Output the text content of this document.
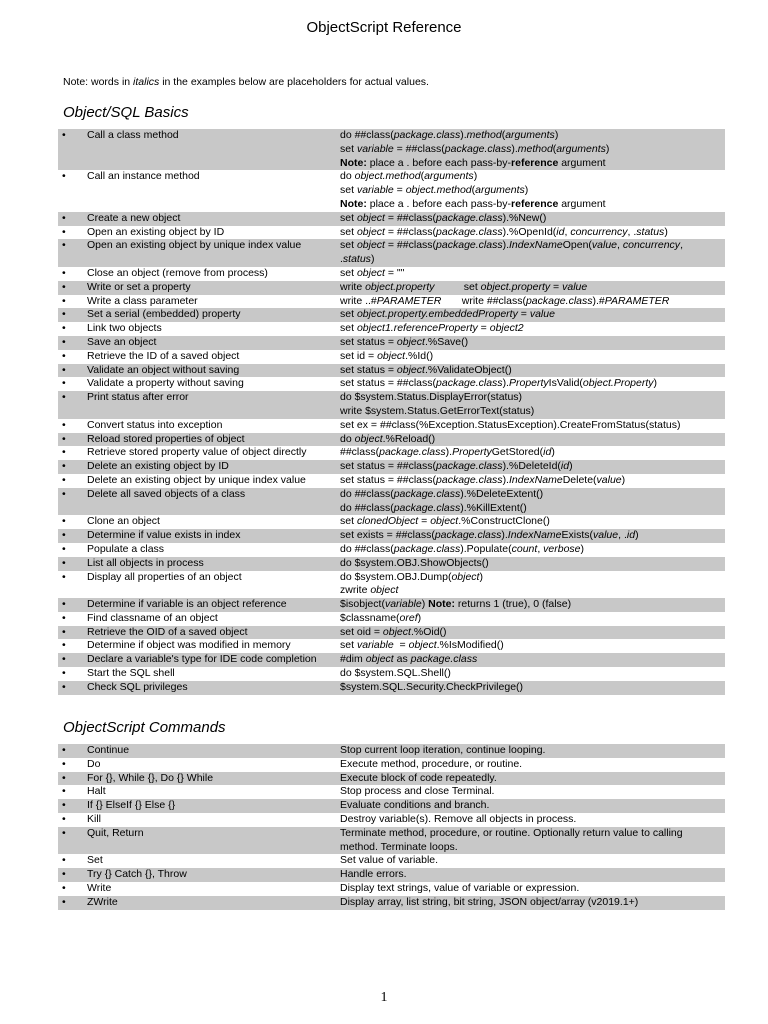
ObjectScript Reference
Note: words in italics in the examples below are placeholders for actual values.
Object/SQL Basics
•	Call a class method	do ##class(package.class).method(arguments)
set variable = ##class(package.class).method(arguments)
Note: place a . before each pass-by-reference argument
•	Call an instance method	do object.method(arguments)
set variable = object.method(arguments)
Note: place a . before each pass-by-reference argument
•	Create a new object	set object = ##class(package.class).%New()
•	Open an existing object by ID	set object = ##class(package.class).%OpenId(id, concurrency, .status)
•	Open an existing object by unique index value	set object = ##class(package.class).IndexNameOpen(value, concurrency,
.status)
•	Close an object (remove from process)	set object = ""
•	Write or set a property	write object.property          set object.property = value
•	Write a class parameter	write ..#PARAMETER       write ##class(package.class).#PARAMETER
•	Set a serial (embedded) property	set object.property.embeddedProperty = value
•	Link two objects	set object1.referenceProperty = object2
•	Save an object	set status = object.%Save()
•	Retrieve the ID of a saved object	set id = object.%Id()
•	Validate an object without saving	set status = object.%ValidateObject()
•	Validate a property without saving	set status = ##class(package.class).PropertyIsValid(object.Property)
•	Print status after error	do $system.Status.DisplayError(status)
write $system.Status.GetErrorText(status)
•	Convert status into exception	set ex = ##class(%Exception.StatusException).CreateFromStatus(status)
•	Reload stored properties of object	do object.%Reload()
•	Retrieve stored property value of object directly	##class(package.class).PropertyGetStored(id)
•	Delete an existing object by ID	set status = ##class(package.class).%DeleteId(id)
•	Delete an existing object by unique index value	set status = ##class(package.class).IndexNameDelete(value)
•	Delete all saved objects of a class	do ##class(package.class).%DeleteExtent()
do ##class(package.class).%KillExtent()
•	Clone an object	set clonedObject = object.%ConstructClone()
•	Determine if value exists in index	set exists = ##class(package.class).IndexNameExists(value, .id)
•	Populate a class	do ##class(package.class).Populate(count, verbose)
•	List all objects in process	do $system.OBJ.ShowObjects()
•	Display all properties of an object	do $system.OBJ.Dump(object)
zwrite object
•	Determine if variable is an object reference	$isobject(variable) Note: returns 1 (true), 0 (false)
•	Find classname of an object	$classname(oref)
•	Retrieve the OID of a saved object	set oid = object.%Oid()
•	Determine if object was modified in memory	set variable  = object.%IsModified()
•	Declare a variable's type for IDE code completion	#dim object as package.class
•	Start the SQL shell	do $system.SQL.Shell()
•	Check SQL privileges	$system.SQL.Security.CheckPrivilege()
ObjectScript Commands
•	Continue	Stop current loop iteration, continue looping.
•	Do	Execute method, procedure, or routine.
•	For {}, While {}, Do {} While	Execute block of code repeatedly.
•	Halt	Stop process and close Terminal.
•	If {} ElseIf {} Else {}	Evaluate conditions and branch.
•	Kill	Destroy variable(s). Remove all objects in process.
•	Quit, Return	Terminate method, procedure, or routine. Optionally return value to calling
method. Terminate loops.
•	Set	Set value of variable.
•	Try {} Catch {}, Throw	Handle errors.
•	Write	Display text strings, value of variable or expression.
•	ZWrite	Display array, list string, bit string, JSON object/array (v2019.1+)
1
